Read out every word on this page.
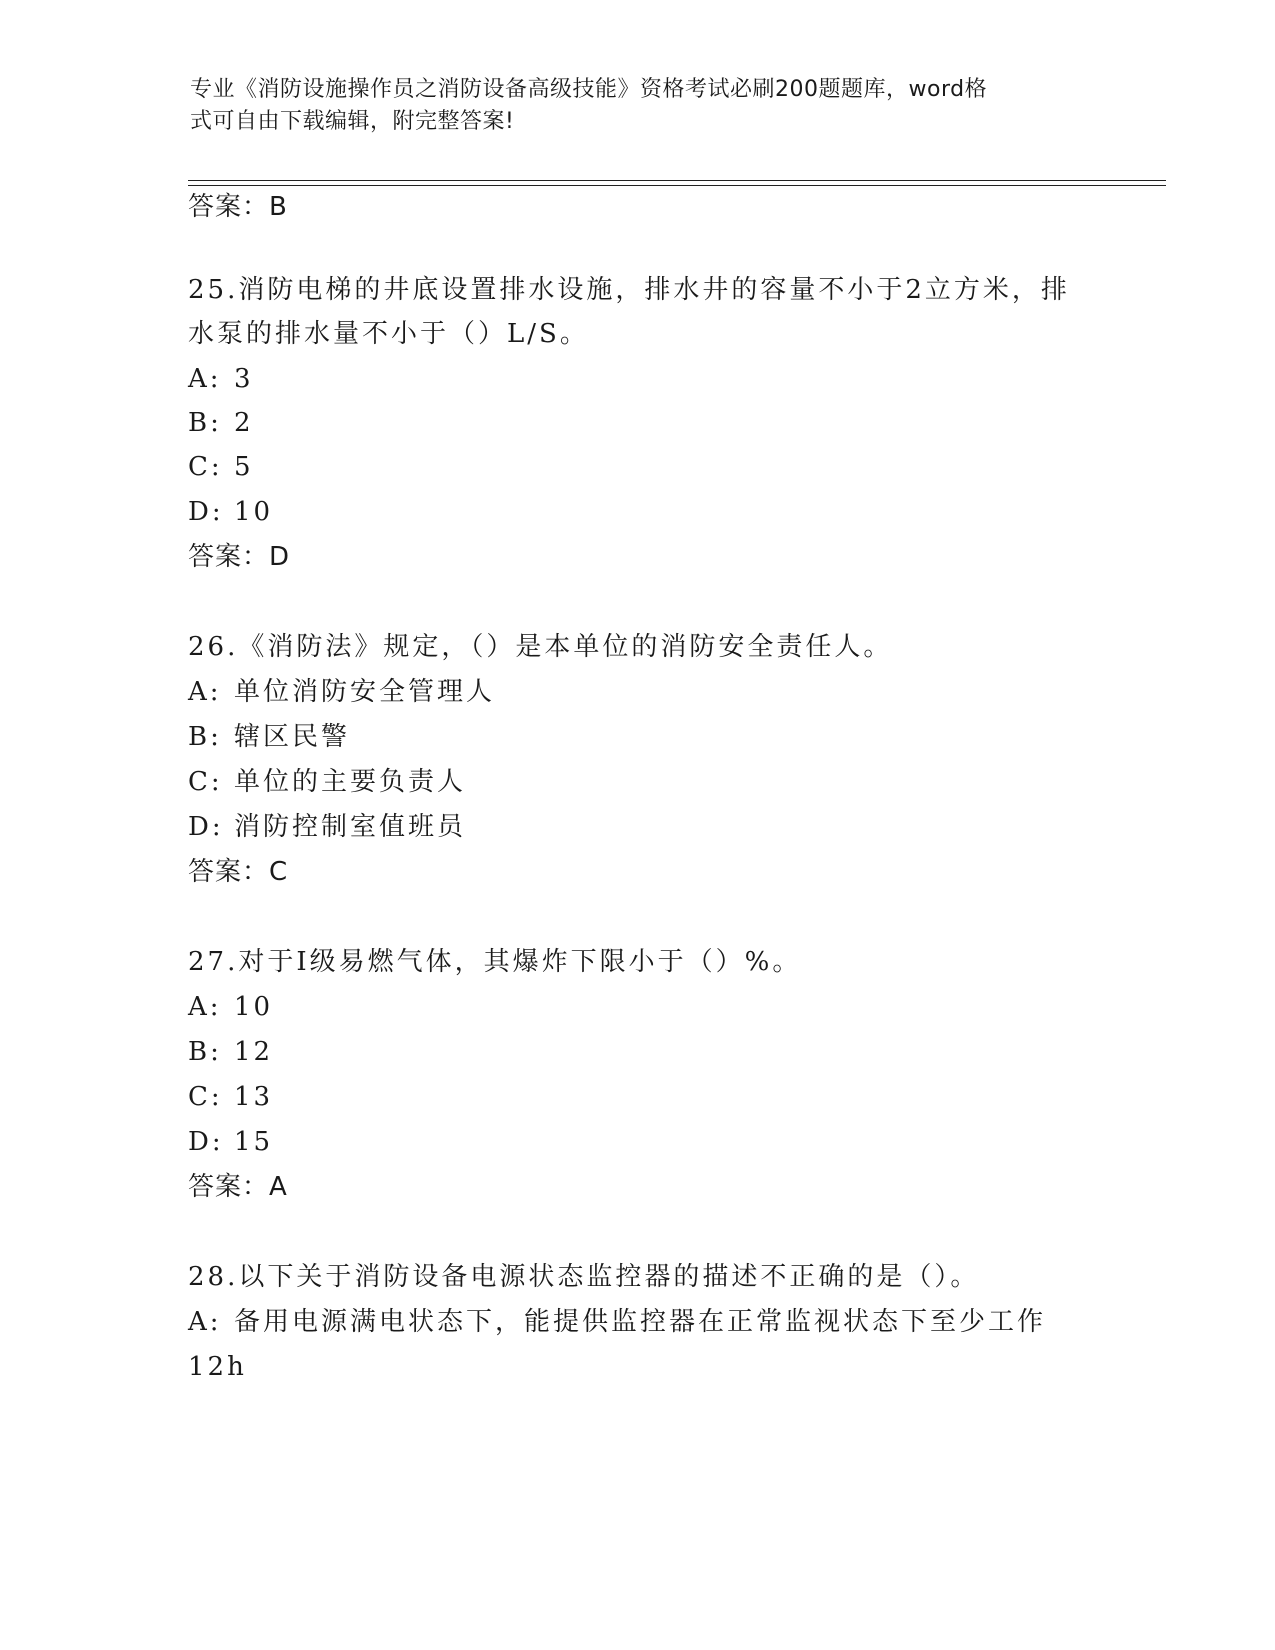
专业《消防设施操作员之消防设备高级技能》资格考试必刷200题题库，word格
式可自由下载编辑，附完整答案!
答案：B
25.消防电梯的井底设置排水设施，排水井的容量不小于2立方米，排
水泵的排水量不小于（）L/S。
A: 3
B: 2
C: 5
D: 10
答案：D
26.《消防法》规定，（）是本单位的消防安全责任人。
A: 单位消防安全管理人
B: 辖区民警
C: 单位的主要负责人
D: 消防控制室值班员
答案：C
27.对于Ⅰ级易燃气体，其爆炸下限小于（）%。
A: 10
B: 12
C: 13
D: 15
答案：A
28.以下关于消防设备电源状态监控器的描述不正确的是（）。
A: 备用电源满电状态下，能提供监控器在正常监视状态下至少工作
12h
